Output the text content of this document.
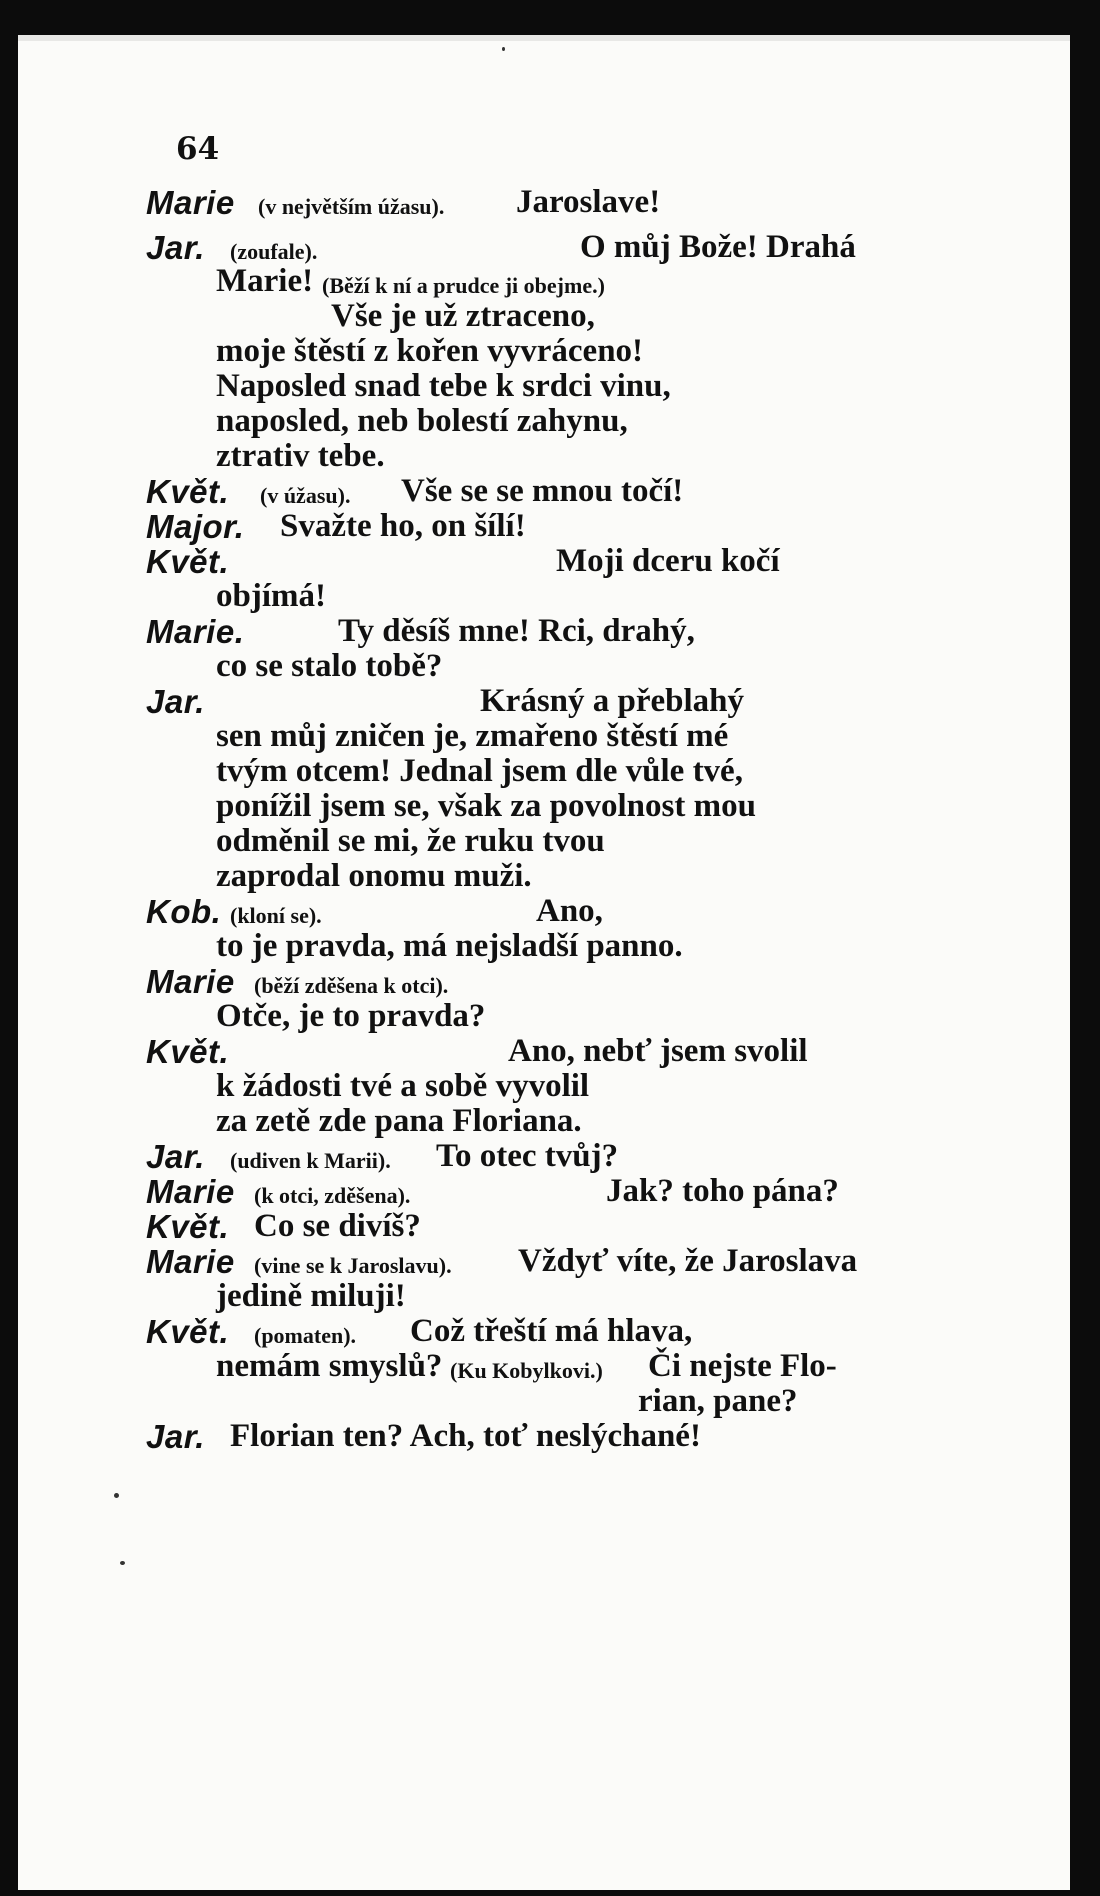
64
Marie (v největším úžasu). Jaroslave!
Jar. (zoufale).	O můj Bože! Drahá
Marie! (Běží k ní a prudce ji obejme.)
Vše je už ztraceno,
moje štěstí z kořen vyvráceno!
Naposled snad tebe k srdci vinu,
naposled, neb bolestí zahynu,
ztrativ tebe.
Květ. (v úžasu). Vše se se mnou točí!
Major. Svažte ho, on šílí!
Květ.	Moji dceru kočí
objímá!
Marie.	Ty děsíš mne! Rci, drahý,
co se stalo tobě?
Jar.	Krásný a přeblahý
sen můj zničen je, zmařeno štěstí mé
tvým otcem! Jednal jsem dle vůle tvé,
ponížil jsem se, však za povolnost mou
odměnil se mi, že ruku tvou
zaprodal onomu muži.
Kob. (kloní se).	Ano,
to je pravda, má nejsladší panno.
Marie (běží zděšena k otci).
Otče, je to pravda?
Květ.	Ano, nebť jsem svolil
k žádosti tvé a sobě vyvolil
za zetě zde pana Floriana.
Jar. (udiven k Marii). To otec tvůj?
Marie (k otci, zděšena).	Jak? toho pána?
Květ. Co se divíš?
Marie (vine se k Jaroslavu). Vždyť víte, že Jaroslava
jedině miluji!
Květ. (pomaten). Což třeští má hlava,
nemám smyslů? (Ku Kobylkovi.) Či nejste Flo-
rian, pane?
Jar. Florian ten? Ach, toť neslýchané!
